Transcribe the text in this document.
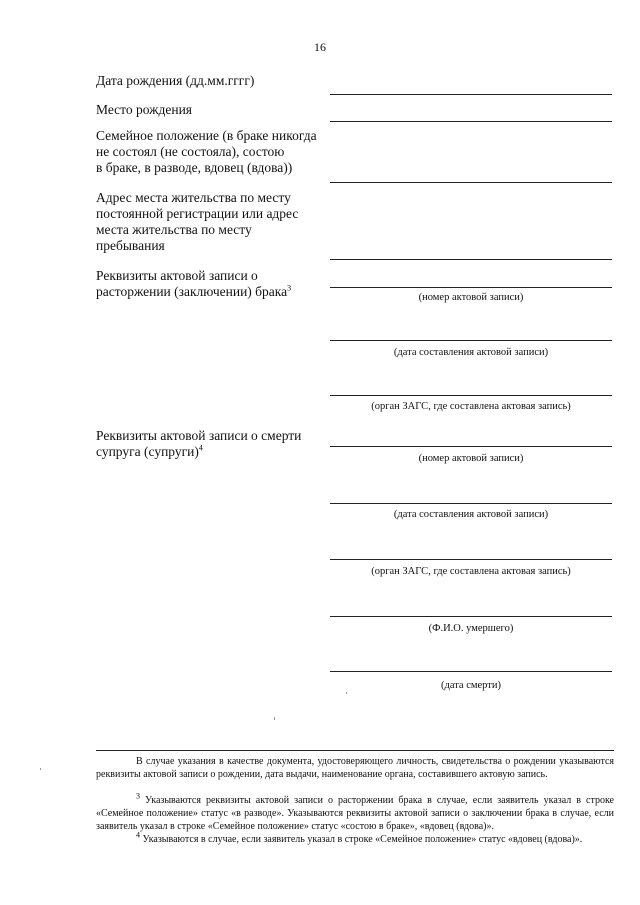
16
Дата рождения (дд.мм.гггг)
Место рождения
Семейное положение (в браке никогда
не состоял (не состояла), состою
в браке, в разводе, вдовец (вдова))
Адрес места жительства по месту
постоянной регистрации или адрес
места жительства по месту
пребывания
Реквизиты актовой записи о
расторжении (заключении) брака$^3$
Реквизиты актовой записи о смерти
супруга (супруги)$^4$
(номер актовой записи)
(дата составления актовой записи)
(орган ЗАГС, где составлена актовая запись)
(номер актовой записи)
(дата составления актовой записи)
(орган ЗАГС, где составлена актовая запись)
(Ф.И.О. умершего)
(дата смерти)
В случае указания в качестве документа, удостоверяющего личность, свидетельства о рождении указываются реквизиты актовой записи о рождении, дата выдачи, наименование органа, составившего актовую запись.
$^3$ Указываются реквизиты актовой записи о расторжении брака в случае, если заявитель указал в строке «Семейное положение» статус «в разводе». Указываются реквизиты актовой записи о заключении брака в случае, если заявитель указал в строке «Семейное положение» статус «состою в браке», «вдовец (вдова)».
$^4$ Указываются в случае, если заявитель указал в строке «Семейное положение» статус «вдовец (вдова)».
